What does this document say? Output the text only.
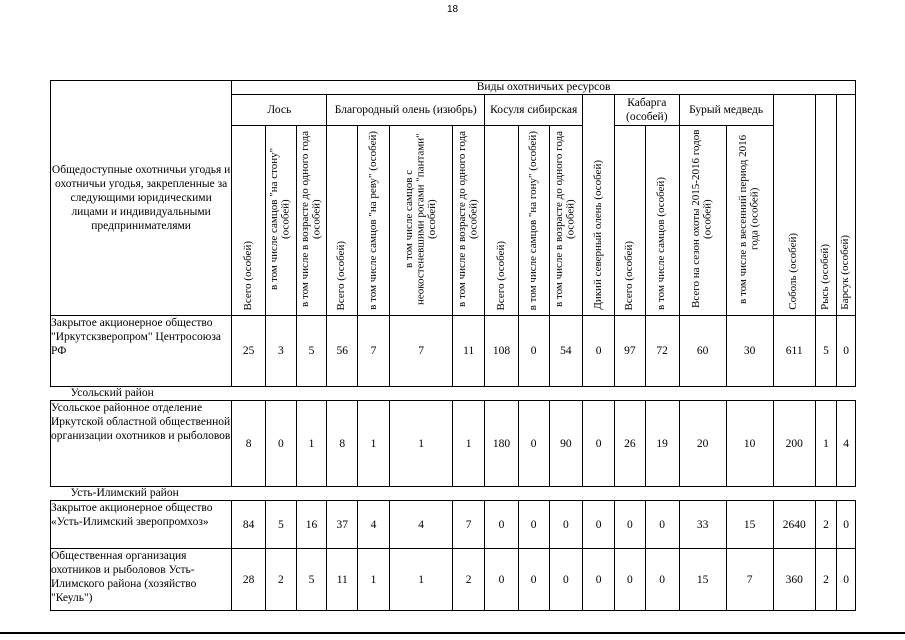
18
Общедоступные охотничьи угодья и охотничьи угодья, закрепленные за следующими юридическими лицами и индивидуальными предпринимателями	Виды охотничьих ресурсов																	
	Лось			Благородный олень (изюбрь)				Косуля сибирская			Дикий северный олень (особей)	Кабарга (особей)		Бурый медведь		Соболь (особей)	Рысь (особей)	Барсук (особей)
	Всего (особей)	в том числе самцов "на стону" (особей)	в том числе в возрасте до одного года (особей)	Всего (особей)	в том числе самцов "на реву" (особей)	в том числе самцов с неокостеневшими рогами "пантами" (особей)	в том числе в возрасте до одного года (особей)	Всего (особей)	в том числе самцов "на гону" (особей)	в том числе в возрасте до одного года (особей)		Всего (особей)	в том числе самцов (особей)	Всего на сезон охоты 2015-2016 годов (особей)	в том числе в весенний период 2016 года (особей)			
Закрытое акционерное общество "Иркутскзверопром" Центросоюза РФ	25	3	5	56	7	7	11	108	0	54	0	97	72	60	30	611	5	0
Усольский район																		
Усольское районное отделение Иркутской областной общественной организации охотников и рыболовов	8	0	1	8	1	1	1	180	0	90	0	26	19	20	10	200	1	4
Усть-Илимский район																		
Закрытое акционерное общество «Усть-Илимский зверопромхоз»	84	5	16	37	4	4	7	0	0	0	0	0	0	33	15	2640	2	0
Общественная организация охотников и рыболовов Усть-Илимского района (хозяйство "Кеуль")	28	2	5	11	1	1	2	0	0	0	0	0	0	15	7	360	2	0
